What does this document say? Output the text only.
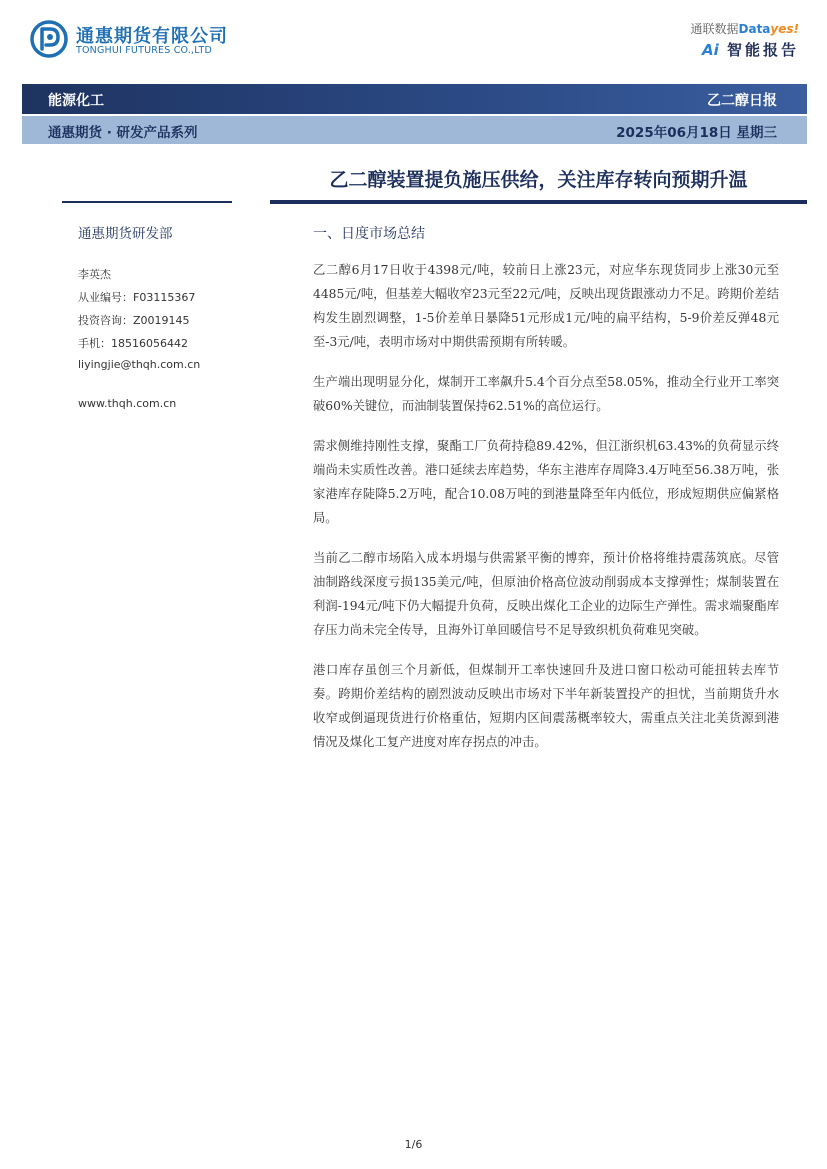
通惠期货有限公司
TONGHUI FUTURES CO.,LTD
通联数据Datayes!
Ai 智能报告
能源化工	乙二醇日报
通惠期货 · 研发产品系列	2025年06月18日 星期三
乙二醇装置提负施压供给，关注库存转向预期升温
通惠期货研发部
李英杰
从业编号：F03115367
投资咨询：Z0019145
手机：18516056442
liyingjie@thqh.com.cn
www.thqh.com.cn
一、日度市场总结

乙二醇6月17日收于4398元/吨，较前日上涨23元，对应华东现货同步上涨30元至4485元/吨，但基差大幅收窄23元至22元/吨，反映出现货跟涨动力不足。跨期价差结构发生剧烈调整，1-5价差单日暴降51元形成1元/吨的扁平结构，5-9价差反弹48元至-3元/吨，表明市场对中期供需预期有所转暖。

生产端出现明显分化，煤制开工率飙升5.4个百分点至58.05%，推动全行业开工率突破60%关键位，而油制装置保持62.51%的高位运行。

需求侧维持刚性支撑，聚酯工厂负荷持稳89.42%，但江浙织机63.43%的负荷显示终端尚未实质性改善。港口延续去库趋势，华东主港库存周降3.4万吨至56.38万吨，张家港库存陡降5.2万吨，配合10.08万吨的到港量降至年内低位，形成短期供应偏紧格局。

当前乙二醇市场陷入成本坍塌与供需紧平衡的博弈，预计价格将维持震荡筑底。尽管油制路线深度亏损135美元/吨，但原油价格高位波动削弱成本支撑弹性；煤制装置在利润-194元/吨下仍大幅提升负荷，反映出煤化工企业的边际生产弹性。需求端聚酯库存压力尚未完全传导，且海外订单回暖信号不足导致织机负荷难见突破。

港口库存虽创三个月新低，但煤制开工率快速回升及进口窗口松动可能扭转去库节奏。跨期价差结构的剧烈波动反映出市场对下半年新装置投产的担忧，当前期货升水收窄或倒逼现货进行价格重估，短期内区间震荡概率较大，需重点关注北美货源到港情况及煤化工复产进度对库存拐点的冲击。

1/6
